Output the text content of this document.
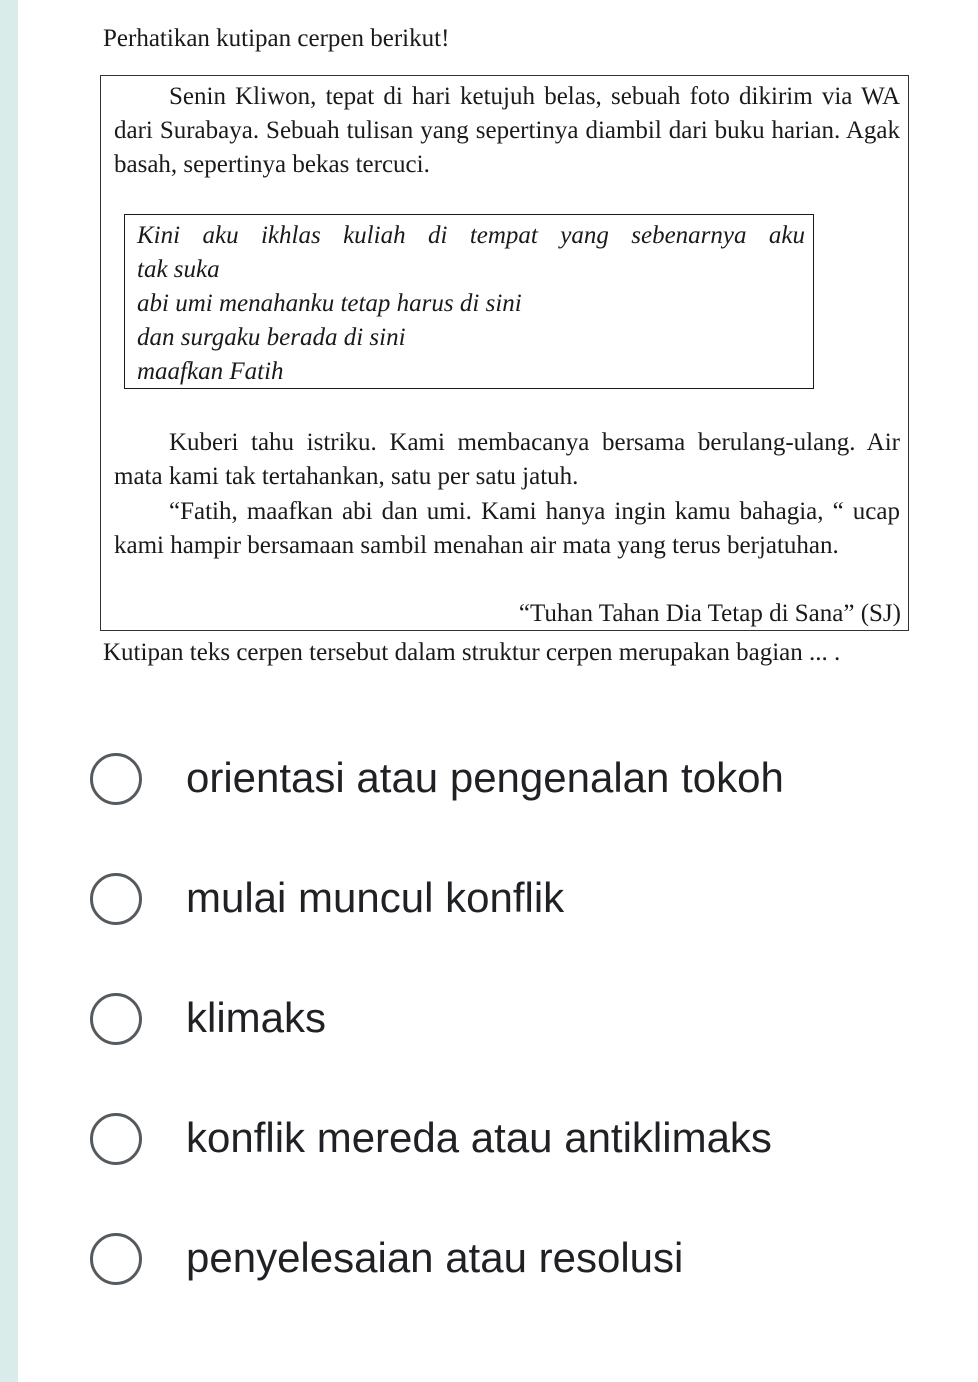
Perhatikan kutipan cerpen berikut!

Senin Kliwon, tepat di hari ketujuh belas, sebuah foto dikirim via WA dari Surabaya. Sebuah tulisan yang sepertinya diambil dari buku harian. Agak basah, sepertinya bekas tercuci.

Kini aku ikhlas kuliah di tempat yang sebenarnya aku
tak suka
abi umi menahanku tetap harus di sini
dan surgaku berada di sini
maafkan Fatih

Kuberi tahu istriku. Kami membacanya bersama berulang-ulang. Air mata kami tak tertahankan, satu per satu jatuh.

“Fatih, maafkan abi dan umi. Kami hanya ingin kamu bahagia, “ ucap kami hampir bersamaan sambil menahan air mata yang terus berjatuhan.

“Tuhan Tahan Dia Tetap di Sana” (SJ)

Kutipan teks cerpen tersebut dalam struktur cerpen merupakan bagian ... .

orientasi atau pengenalan tokoh
mulai muncul konflik
klimaks
konflik mereda atau antiklimaks
penyelesaian atau resolusi
